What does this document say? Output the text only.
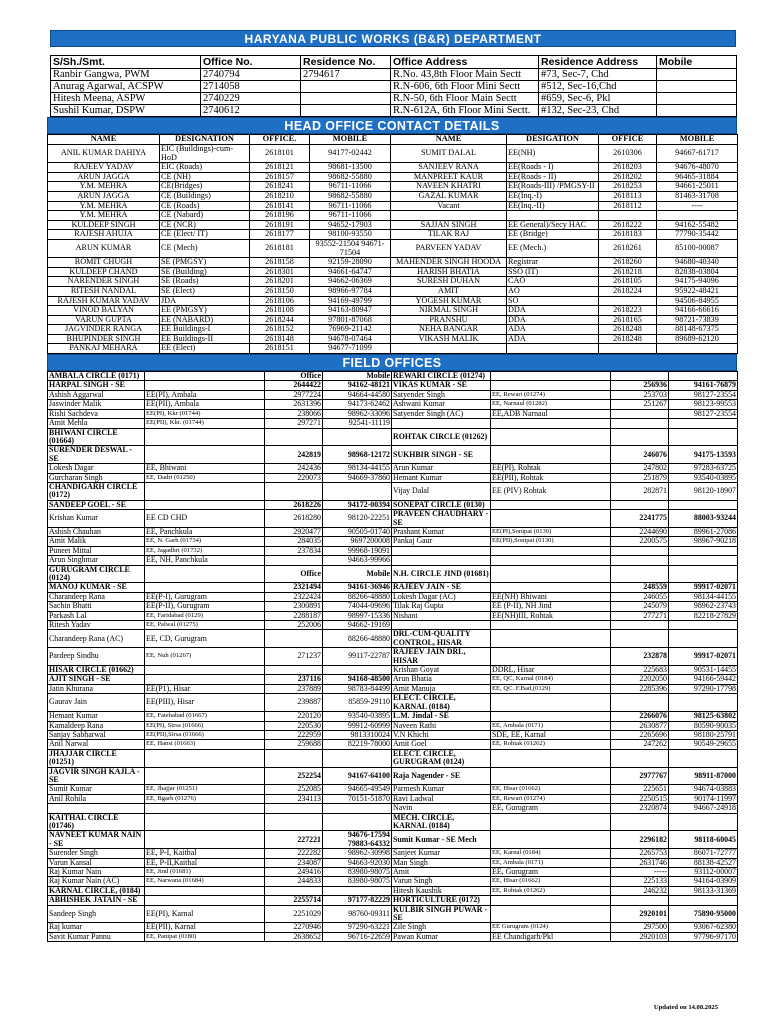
HARYANA PUBLIC WORKS (B&R) DEPARTMENT
S/Sh./Smt.	Office No.	Residence No.	Office Address	Residence Address	Mobile
Ranbir Gangwa, PWM	2740794	2794617	R.No. 43,8th Floor Main Sectt	#73, Sec-7, Chd	
Anurag Agarwal, ACSPW	2714058		R.N-606, 6th Floor Mini Sectt	#512, Sec-16,Chd	
Hitesh Meena, ASPW	2740229		R.N-50, 6th Floor Main Sectt	#659, Sec-6, Pkl	
Sushil Kumar, DSPW	2740612		R.N-612A, 6th Floor Mini Sectt.	#132, Sec-23, Chd	
HEAD OFFICE CONTACT DETAILS
NAME	DESIGNATION	OFFICE.	MOBILE	NAME	DESIGATION	OFFICE	MOBILE
ANIL KUMAR DAHIYA	EIC (Buildings)-cum-HoD	2618101	94177-02442	SUMIT DALAL	EE(NH)	2610306	94667-61717
RAJEEV YADAV	EIC (Roads)	2618121	98681-13500	SANJEEV RANA	EE(Roads - I)	2618203	94676-48070
ARUN JAGGA	CE (NH)	2618157	98682-55880	MANPREET KAUR	EE(Roads - II)	2618202	96465-31884
Y.M. MEHRA	CE(Bridges)	2618241	96711-11066	NAVEEN KHATRI	EE(Roads-III) /PMGSY-II	2618253	94661-25011
ARUN JAGGA	CE (Buildings)	2618210	98682-55880	GAZAL KUMAR	EE(Inq.-I)	2618113	81463-31708
Y.M. MEHRA	CE (Roads)	2618141	96711-11066	Vacant	EE(Inq.-II)	2618112	----
Y.M. MEHRA	CE (Nabard)	2618196	96711-11066				
KULDEEP SINGH	CE (NCR)	2618191	94652-17903	SAJJAN SINGH	EE General)/Secy HAC	2618222	94162-55482
RAJESH AHUJA	CE (Elect/ IT)	2618177	98100-93550	TILAK RAJ	EE (Bridge)	2618183	77790-35442
ARUN KUMAR	CE (Mech)	2618181	93552-21504 94671-71504	PARVEEN YADAV	EE (Mech.)	2618261	85100-00087
ROMIT CHUGH	SE (PMGSY)	2618158	92159-28090	MAHENDER SINGH HOODA	Registrar	2618260	94680-40340
KULDEEP CHAND	SE (Building)	2618301	94661-64747	HARISH BHATIA	SSO (IT)	2618218	82838-03804
NARENDER SINGH	SE (Roads)	2618201	94662-06369	SURESH DUHAN	CAO	2618105	94175-94096
RITESH NANDAL	SE (Elect)	2618150	98966-97784	AMIT	AO	2618224	95922-48421
RAJESH KUMAR YADAV	JDA	2618106	94169-49799	YOGESH KUMAR	SO		94506-84955
VINOD BALYAN	EE (PMGSY)	2618108	94163-80947	NIRMAL SINGH	DDA	2618223	94166-66616
VARUN GUPTA	EE (NABARD)	2618244	97801-87068	PRANSHU	DDA	2618165	98721-73839
JAGVINDER RANGA	EE Buildings-I	2618152	76969-21142	NEHA BANGAR	ADA	2618248	88148-67375
BHUPINDER SINGH	EE Buildings-II	2618148	94678-07464	VIKASH MALIK	ADA	2618248	89689-62120
PANKAJ MEHARA	EE (Elect)	2618151	94677-71099				
FIELD OFFICES
AMBALA CIRCLE (0171)		Office	Mobile	REWARI CIRCLE (01274)			
HARPAL SINGH - SE		2644422	94162-48121	VIKAS KUMAR - SE		256936	94161-76879
Ashish Aggarwal	EE(PI), Ambala	2977224	94664-44580	Satyender Singh	EE, Rewari (01274)	253703	98127-23554
Jaswinder Malik	EE(PII), Ambala	2631396	94173-62462	Ashwani Kumar	EE, Narnaul (01282)	251267	98123-99553
Rishi Sachdeva	EE(PI), Kkr (01744)	238066	98962-33096	Satyender Singh (AC)	EE,ADB Narnaul		98127-23554
Amit Mehla	EE(PII), Kkr. (01744)	297271	92541-11119				
BHIWANI CIRCLE (01664)				ROHTAK CIRCLE (01262)			
SURENDER DESWAL - SE		242819	98968-12172	SUKHBIR SINGH - SE		246076	94175-13593
Lokesh Dagar	EE, Bhiwani	242436	98134-44155	Arun Kumar	EE(PI), Rohtak	247802	97283-63725
Gurcharan Singh	EE, Dadri (01250)	220073	94669-37860	Hemant Kumar	EE(PII), Rohtak	251879	93540-03895
CHANDIGARH CIRCLE (0172)				Vijay Dalal	EE (PIV) Rohtak	282871	98120-18907
SANDEEP GOEL - SE		2618226	94172-00394	SONEPAT CIRCLE (0130)			
Krishan Kumar	EE CD CHD	2618280	98120-22251	PRAVEEN CHAUDHARY - SE		2241775	88003-93244
Ashish Chauhan	EE, Panchkula	2920477	90505-01740	Prashant Kumar	EE(PI),Sonipat (0130)	2244690	89961-27086
Amit Malik	EE, N. Garh (01734)	284035	9697200008	Pankaj Gaur	EE(PII),Sonipat (0130)	2200575	98967-90218
Puneet Mittal	EE, Jagadhri (01732)	237834	99968-19091				
Arun Singhmar	EE, NH, Panchkula		94663-99966				
GURUGRAM CIRCLE (0124)		Office	Mobile	N.H. CIRCLE JIND (01681)			
MANOJ KUMAR - SE		2321494	94161-36946	RAJEEV JAIN - SE		248559	99917-02071
Charandeep Rana	EE(P-I), Gurugram	2322424	88266-48880	Lokesh Dagar (AC)	EE(NH) Bhiwani	246055	98134-44155
Sachin Bhatti	EE(P-II), Gurugram	2300891	74044-09696	Tilak Raj Gupta	EE (P-II), NH Jind	245079	98962-23743
Parkash Lal	EE, Faridabad (0129)	2288187	98997-15336	Nishant	EE(NH)III, Rohtak	277271	82218-27829
Ritesh Yadav	EE, Palwal (01275)	252006	94662-19169				
Charandeep Rana (AC)	EE, CD, Gurugram		88266-48880	DRL-CUM-QUALITY CONTROL, HISAR			
Pardeep Sindhu	EE, Nuh (01267)	271237	99117-22787	RAJEEV JAIN DRL, HISAR		232878	99917-02071
HISAR CIRCLE (01662)				Krishan Goyat	DDRL, Hisar	225683	90531-14455
AJIT SINGH - SE		237116	94168-48500	Arun Bhatia	EE, QC, Karnal (0184)	2202050	94166-59442
Jatin Khurana	EE(P1), Hisar	237889	98783-84499	Amit Manuja	EE, QC. F.Bad,(0129)	2285396	97290-17798
Gaurav Jain	EE(PIII), Hisar	239887	85859-29110	ELECT. CIRCLE, KARNAL (0184)			
Hemant Kumar	EE, Fatehabad (01667)	220120	93540-03895	L.M. Jindal - SE		2266076	98125-63802
Kamaldeep Rana	EE(PI), Sirsa (01666)	220530	99912-60999	Naveen Rathi	EE, Ambala (0171)	2630877	80590-90035
Sanjay Sabharwal	EE(PII),Sirsa (01666)	222959	9813310024	V.N Khichi	SDE, EE, Karnal	2265696	98180-25791
Anil Narwal	EE, Hansi (01663)	259688	82219-78000	Amit Goel	EE, Rohtak (01262)	247262	90549-29655
JHAJJAR CIRCLE (01251)				ELECT. CIRCLE, GURUGRAM (0124)			
JAGVIR SINGH KAJLA - SE		252254	94167-64100	Raja Nagender - SE		2977767	98911-87000
Sumit Kumar	EE, Jhajjar (01251)	252085	94665-49549	Parmesh Kumar	EE, Hisar (01662)	225651	94674-03883
Anil Rohila	EE, Bgarh (01276)	234113	70151-51870	Ravi Ladwal	EE, Rewari (01274)	2250515	90174-11997
				Navin	EE, Gurugram	2320874	94667-24918
KAITHAL CIRCLE (01746)				MECH. CIRCLE, KARNAL (0184)			
NAVNEET KUMAR NAIN - SE		227221	94676-17594 79883-64332	Sumit Kumar - SE Mech		2296182	98118-60045
Surender Singh	EE, P-I, Kaithal	222282	98962-30998	Sanjeet Kumar	EE, Karnal (0184)	2265753	86071-72777
Varun Kansal	EE, P-II,Kaithal	234087	94663-92030	Man Singh	EE, Ambala (0171)	2631746	88138-42527
Raj Kumar Nain	EE, Jind (01681)	249416	83980-98075	Amit	EE, Gurugram	-----	93112-00007
Raj Kumar Nain (AC)	EE, Narwana (01684)	244833	83980-98075	Varun Singh	EE, Hisar (01662)	225133	94164-03909
KARNAL CIRCLE, (0184)				Hitesh Kaushik	EE, Rohtak (01262)	246232	98133-31369
ABHISHEK JATAIN - SE		2255714	97177-82229	HORTICULTURE (0172)			
Sandeep Singh	EE(PI), Karnal	2251029	98760-09311	KULBIR SINGH PUWAR - SE		2920101	75890-95000
Raj kumar	EE(PII), Karnal	2270946	97290-63221	Zile Singh	EE Gurugram (0124)	297500	93067-62380
Savit Kumar Pannu	EE, Panipat (0180)	2638652	96716-22659	Pawan Kumar	EE Chandigarh/Pkl	2920103	97796-97170
Updated on 14.08.2025
